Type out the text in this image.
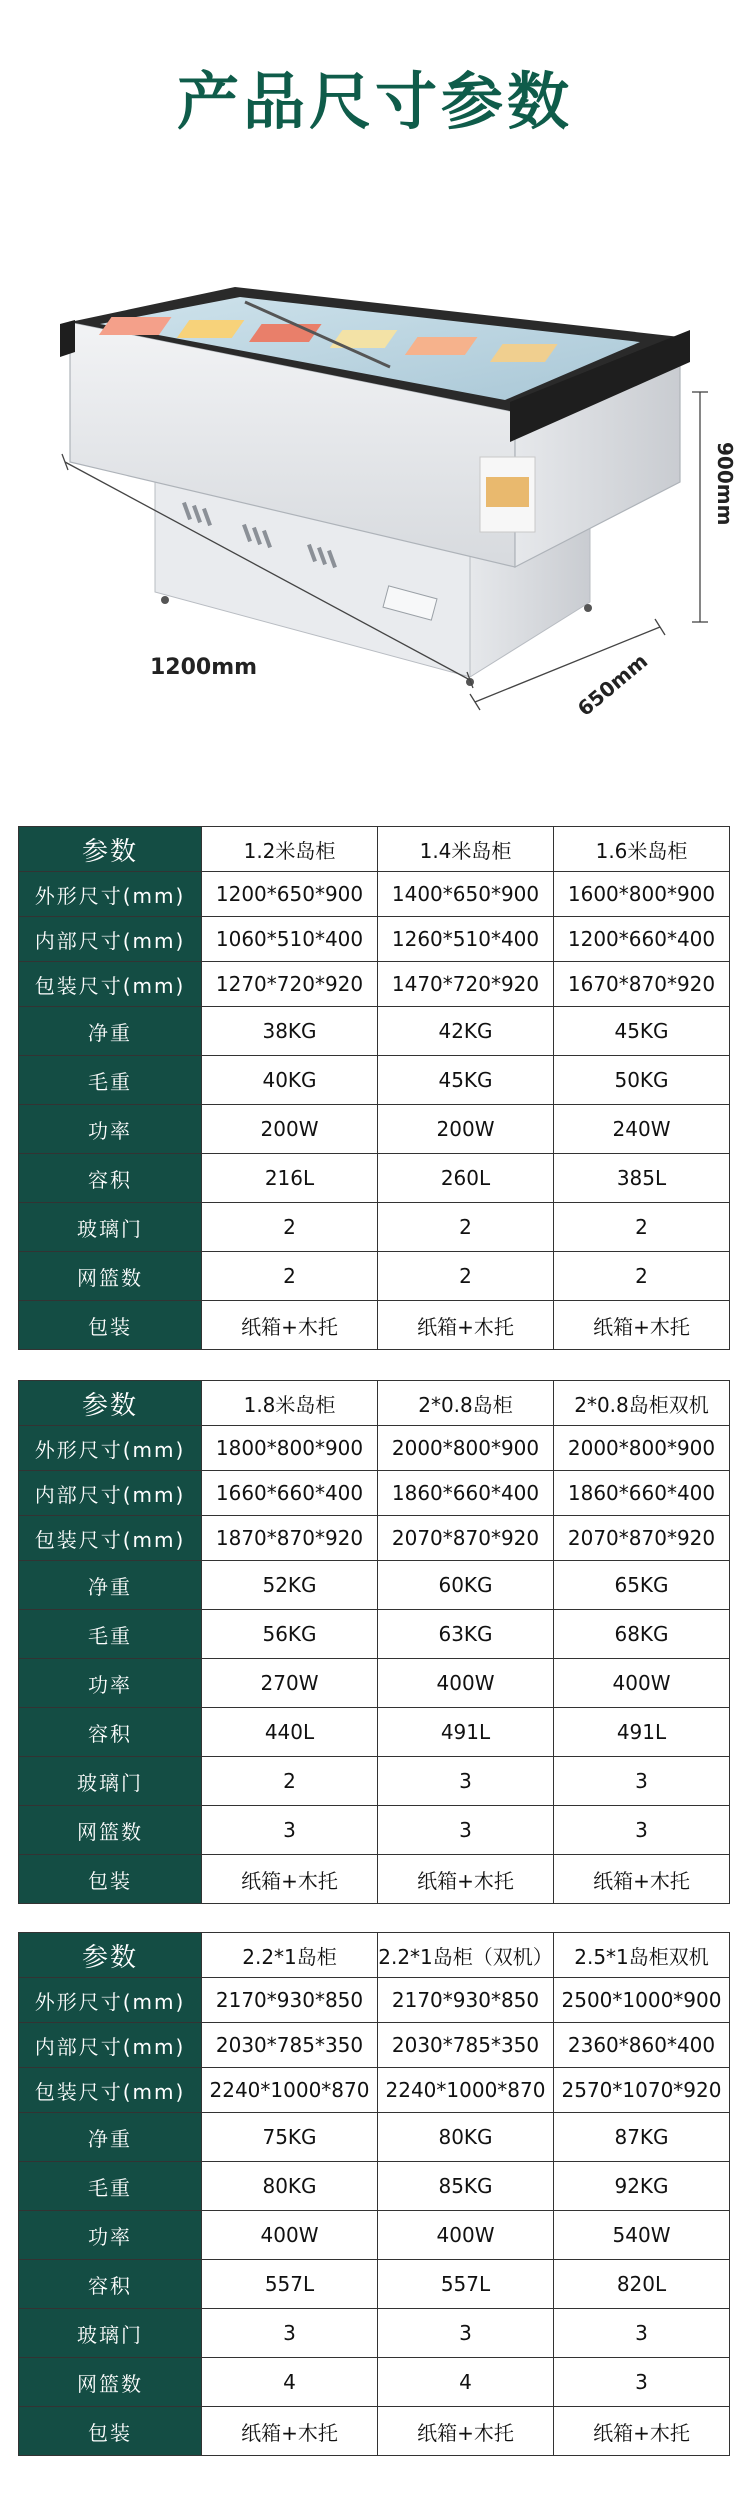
产品尺寸参数
1200mm	650mm
900mm
参数	1.2米岛柜	1.4米岛柜	1.6米岛柜
外形尺寸(mm)	1200*650*900	1400*650*900	1600*800*900
内部尺寸(mm)	1060*510*400	1260*510*400	1200*660*400
包装尺寸(mm)	1270*720*920	1470*720*920	1670*870*920
净重	38KG	42KG	45KG
毛重	40KG	45KG	50KG
功率	200W	200W	240W
容积	216L	260L	385L
玻璃门	2	2	2
网篮数	2	2	2
包装	纸箱+木托	纸箱+木托	纸箱+木托
参数	1.8米岛柜	2*0.8岛柜	2*0.8岛柜双机
外形尺寸(mm)	1800*800*900	2000*800*900	2000*800*900
内部尺寸(mm)	1660*660*400	1860*660*400	1860*660*400
包装尺寸(mm)	1870*870*920	2070*870*920	2070*870*920
净重	52KG	60KG	65KG
毛重	56KG	63KG	68KG
功率	270W	400W	400W
容积	440L	491L	491L
玻璃门	2	3	3
网篮数	3	3	3
包装	纸箱+木托	纸箱+木托	纸箱+木托
参数	2.2*1岛柜	2.2*1岛柜（双机）	2.5*1岛柜双机
外形尺寸(mm)	2170*930*850	2170*930*850	2500*1000*900
内部尺寸(mm)	2030*785*350	2030*785*350	2360*860*400
包装尺寸(mm)	2240*1000*870	2240*1000*870	2570*1070*920
净重	75KG	80KG	87KG
毛重	80KG	85KG	92KG
功率	400W	400W	540W
容积	557L	557L	820L
玻璃门	3	3	3
网篮数	4	4	3
包装	纸箱+木托	纸箱+木托	纸箱+木托
